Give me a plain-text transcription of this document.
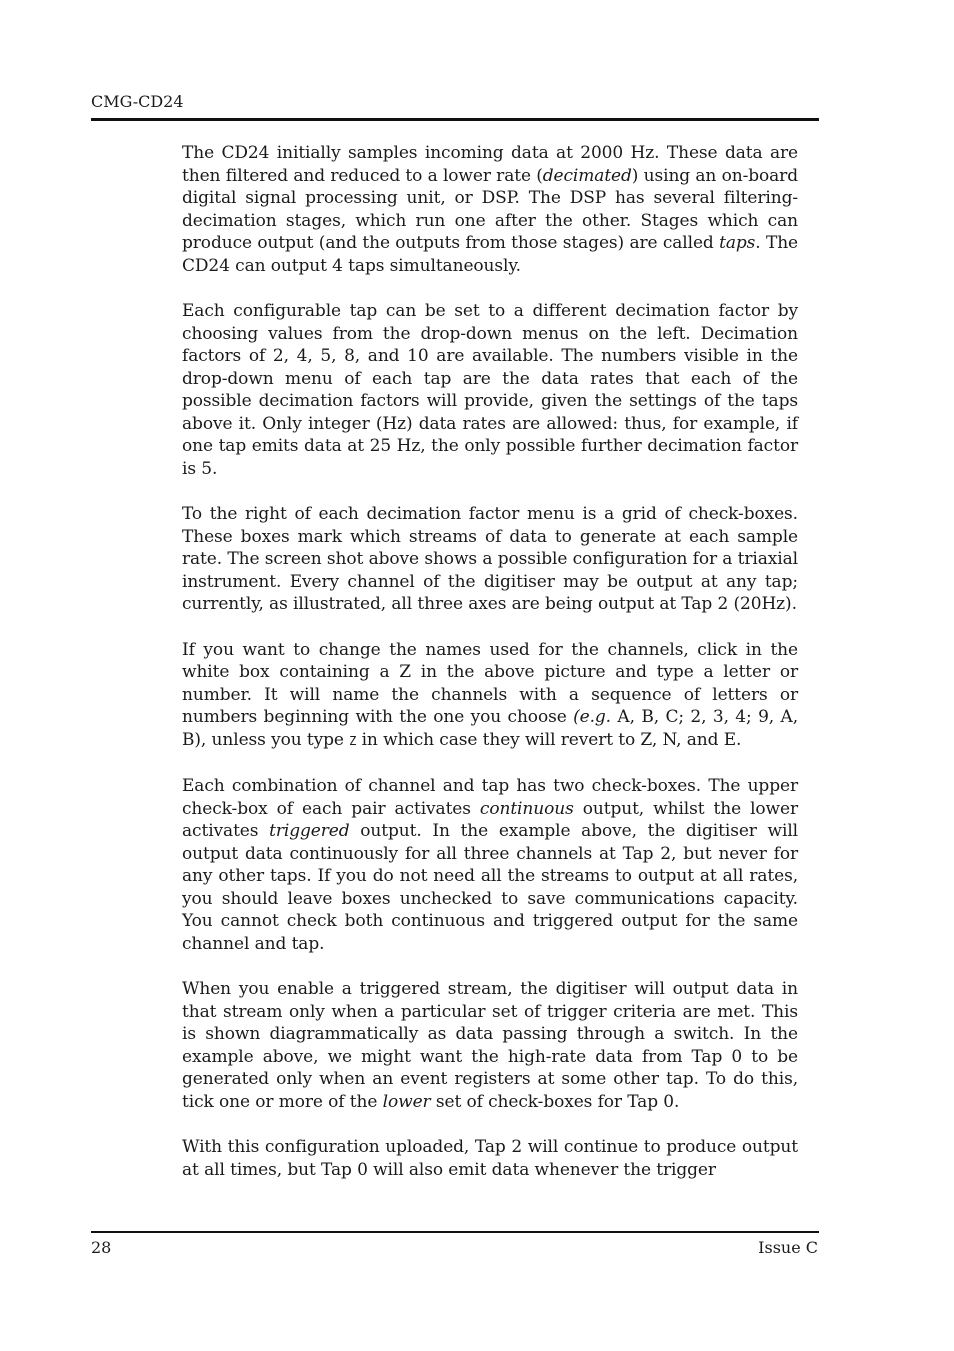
CMG-CD24

The CD24 initially samples incoming data at 2000 Hz. These data are then filtered and reduced to a lower rate (decimated) using an on-board digital signal processing unit, or DSP. The DSP has several filtering-decimation stages, which run one after the other. Stages which can produce output (and the outputs from those stages) are called taps. The CD24 can output 4 taps simultaneously.

Each configurable tap can be set to a different decimation factor by choosing values from the drop-down menus on the left. Decimation factors of 2, 4, 5, 8, and 10 are available. The numbers visible in the drop-down menu of each tap are the data rates that each of the possible decimation factors will provide, given the settings of the taps above it. Only integer (Hz) data rates are allowed: thus, for example, if one tap emits data at 25 Hz, the only possible further decimation factor is 5.

To the right of each decimation factor menu is a grid of check-boxes. These boxes mark which streams of data to generate at each sample rate. The screen shot above shows a possible configuration for a triaxial instrument. Every channel of the digitiser may be output at any tap; currently, as illustrated, all three axes are being output at Tap 2 (20Hz).

If you want to change the names used for the channels, click in the white box containing a Z in the above picture and type a letter or number. It will name the channels with a sequence of letters or numbers beginning with the one you choose (e.g. A, B, C; 2, 3, 4; 9, A, B), unless you type Z in which case they will revert to Z, N, and E.

Each combination of channel and tap has two check-boxes. The upper check-box of each pair activates continuous output, whilst the lower activates triggered output. In the example above, the digitiser will output data continuously for all three channels at Tap 2, but never for any other taps. If you do not need all the streams to output at all rates, you should leave boxes unchecked to save communications capacity. You cannot check both continuous and triggered output for the same channel and tap.

When you enable a triggered stream, the digitiser will output data in that stream only when a particular set of trigger criteria are met. This is shown diagrammatically as data passing through a switch. In the example above, we might want the high-rate data from Tap 0 to be generated only when an event registers at some other tap. To do this, tick one or more of the lower set of check-boxes for Tap 0.

With this configuration uploaded, Tap 2 will continue to produce output at all times, but Tap 0 will also emit data whenever the trigger

28	Issue C
